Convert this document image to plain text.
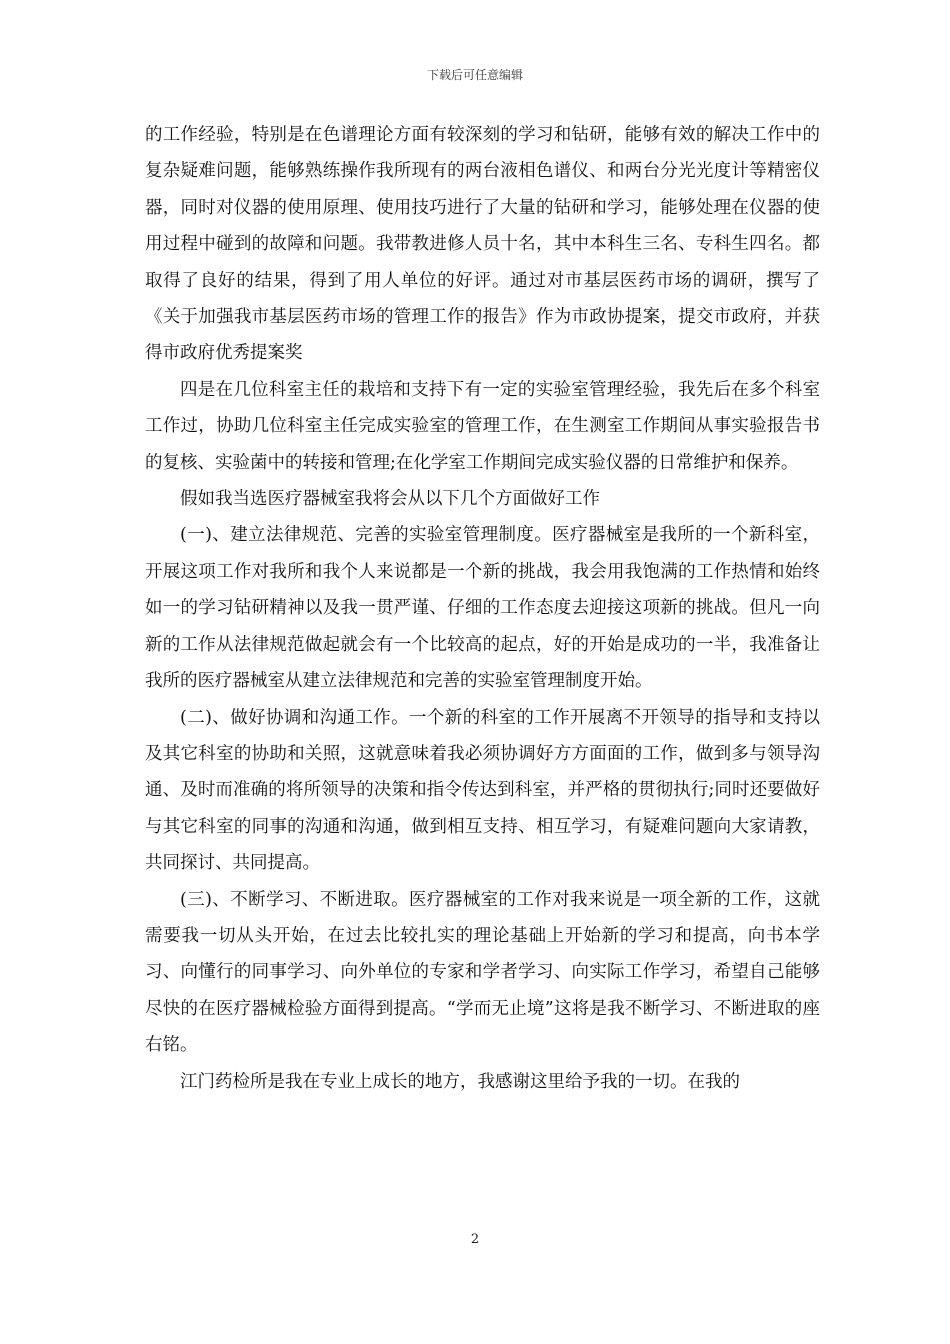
下载后可任意编辑

的工作经验，特别是在色谱理论方面有较深刻的学习和钻研，能够有效的解决工作中的复杂疑难问题，能够熟练操作我所现有的两台液相色谱仪、和两台分光光度计等精密仪器，同时对仪器的使用原理、使用技巧进行了大量的钻研和学习，能够处理在仪器的使用过程中碰到的故障和问题。我带教进修人员十名，其中本科生三名、专科生四名。都取得了良好的结果，得到了用人单位的好评。通过对市基层医药市场的调研，撰写了《关于加强我市基层医药市场的管理工作的报告》作为市政协提案，提交市政府，并获得市政府优秀提案奖

四是在几位科室主任的栽培和支持下有一定的实验室管理经验，我先后在多个科室工作过，协助几位科室主任完成实验室的管理工作，在生测室工作期间从事实验报告书的复核、实验菌中的转接和管理;在化学室工作期间完成实验仪器的日常维护和保养。

假如我当选医疗器械室我将会从以下几个方面做好工作

(一)、建立法律规范、完善的实验室管理制度。医疗器械室是我所的一个新科室，开展这项工作对我所和我个人来说都是一个新的挑战，我会用我饱满的工作热情和始终如一的学习钻研精神以及我一贯严谨、仔细的工作态度去迎接这项新的挑战。但凡一向新的工作从法律规范做起就会有一个比较高的起点，好的开始是成功的一半，我准备让我所的医疗器械室从建立法律规范和完善的实验室管理制度开始。

(二)、做好协调和沟通工作。一个新的科室的工作开展离不开领导的指导和支持以及其它科室的协助和关照，这就意味着我必须协调好方方面面的工作，做到多与领导沟通、及时而准确的将所领导的决策和指令传达到科室，并严格的贯彻执行;同时还要做好与其它科室的同事的沟通和沟通，做到相互支持、相互学习，有疑难问题向大家请教，共同探讨、共同提高。

(三)、不断学习、不断进取。医疗器械室的工作对我来说是一项全新的工作，这就需要我一切从头开始，在过去比较扎实的理论基础上开始新的学习和提高，向书本学习、向懂行的同事学习、向外单位的专家和学者学习、向实际工作学习，希望自己能够尽快的在医疗器械检验方面得到提高。“学而无止境”这将是我不断学习、不断进取的座右铭。

江门药检所是我在专业上成长的地方，我感谢这里给予我的一切。在我的

2
